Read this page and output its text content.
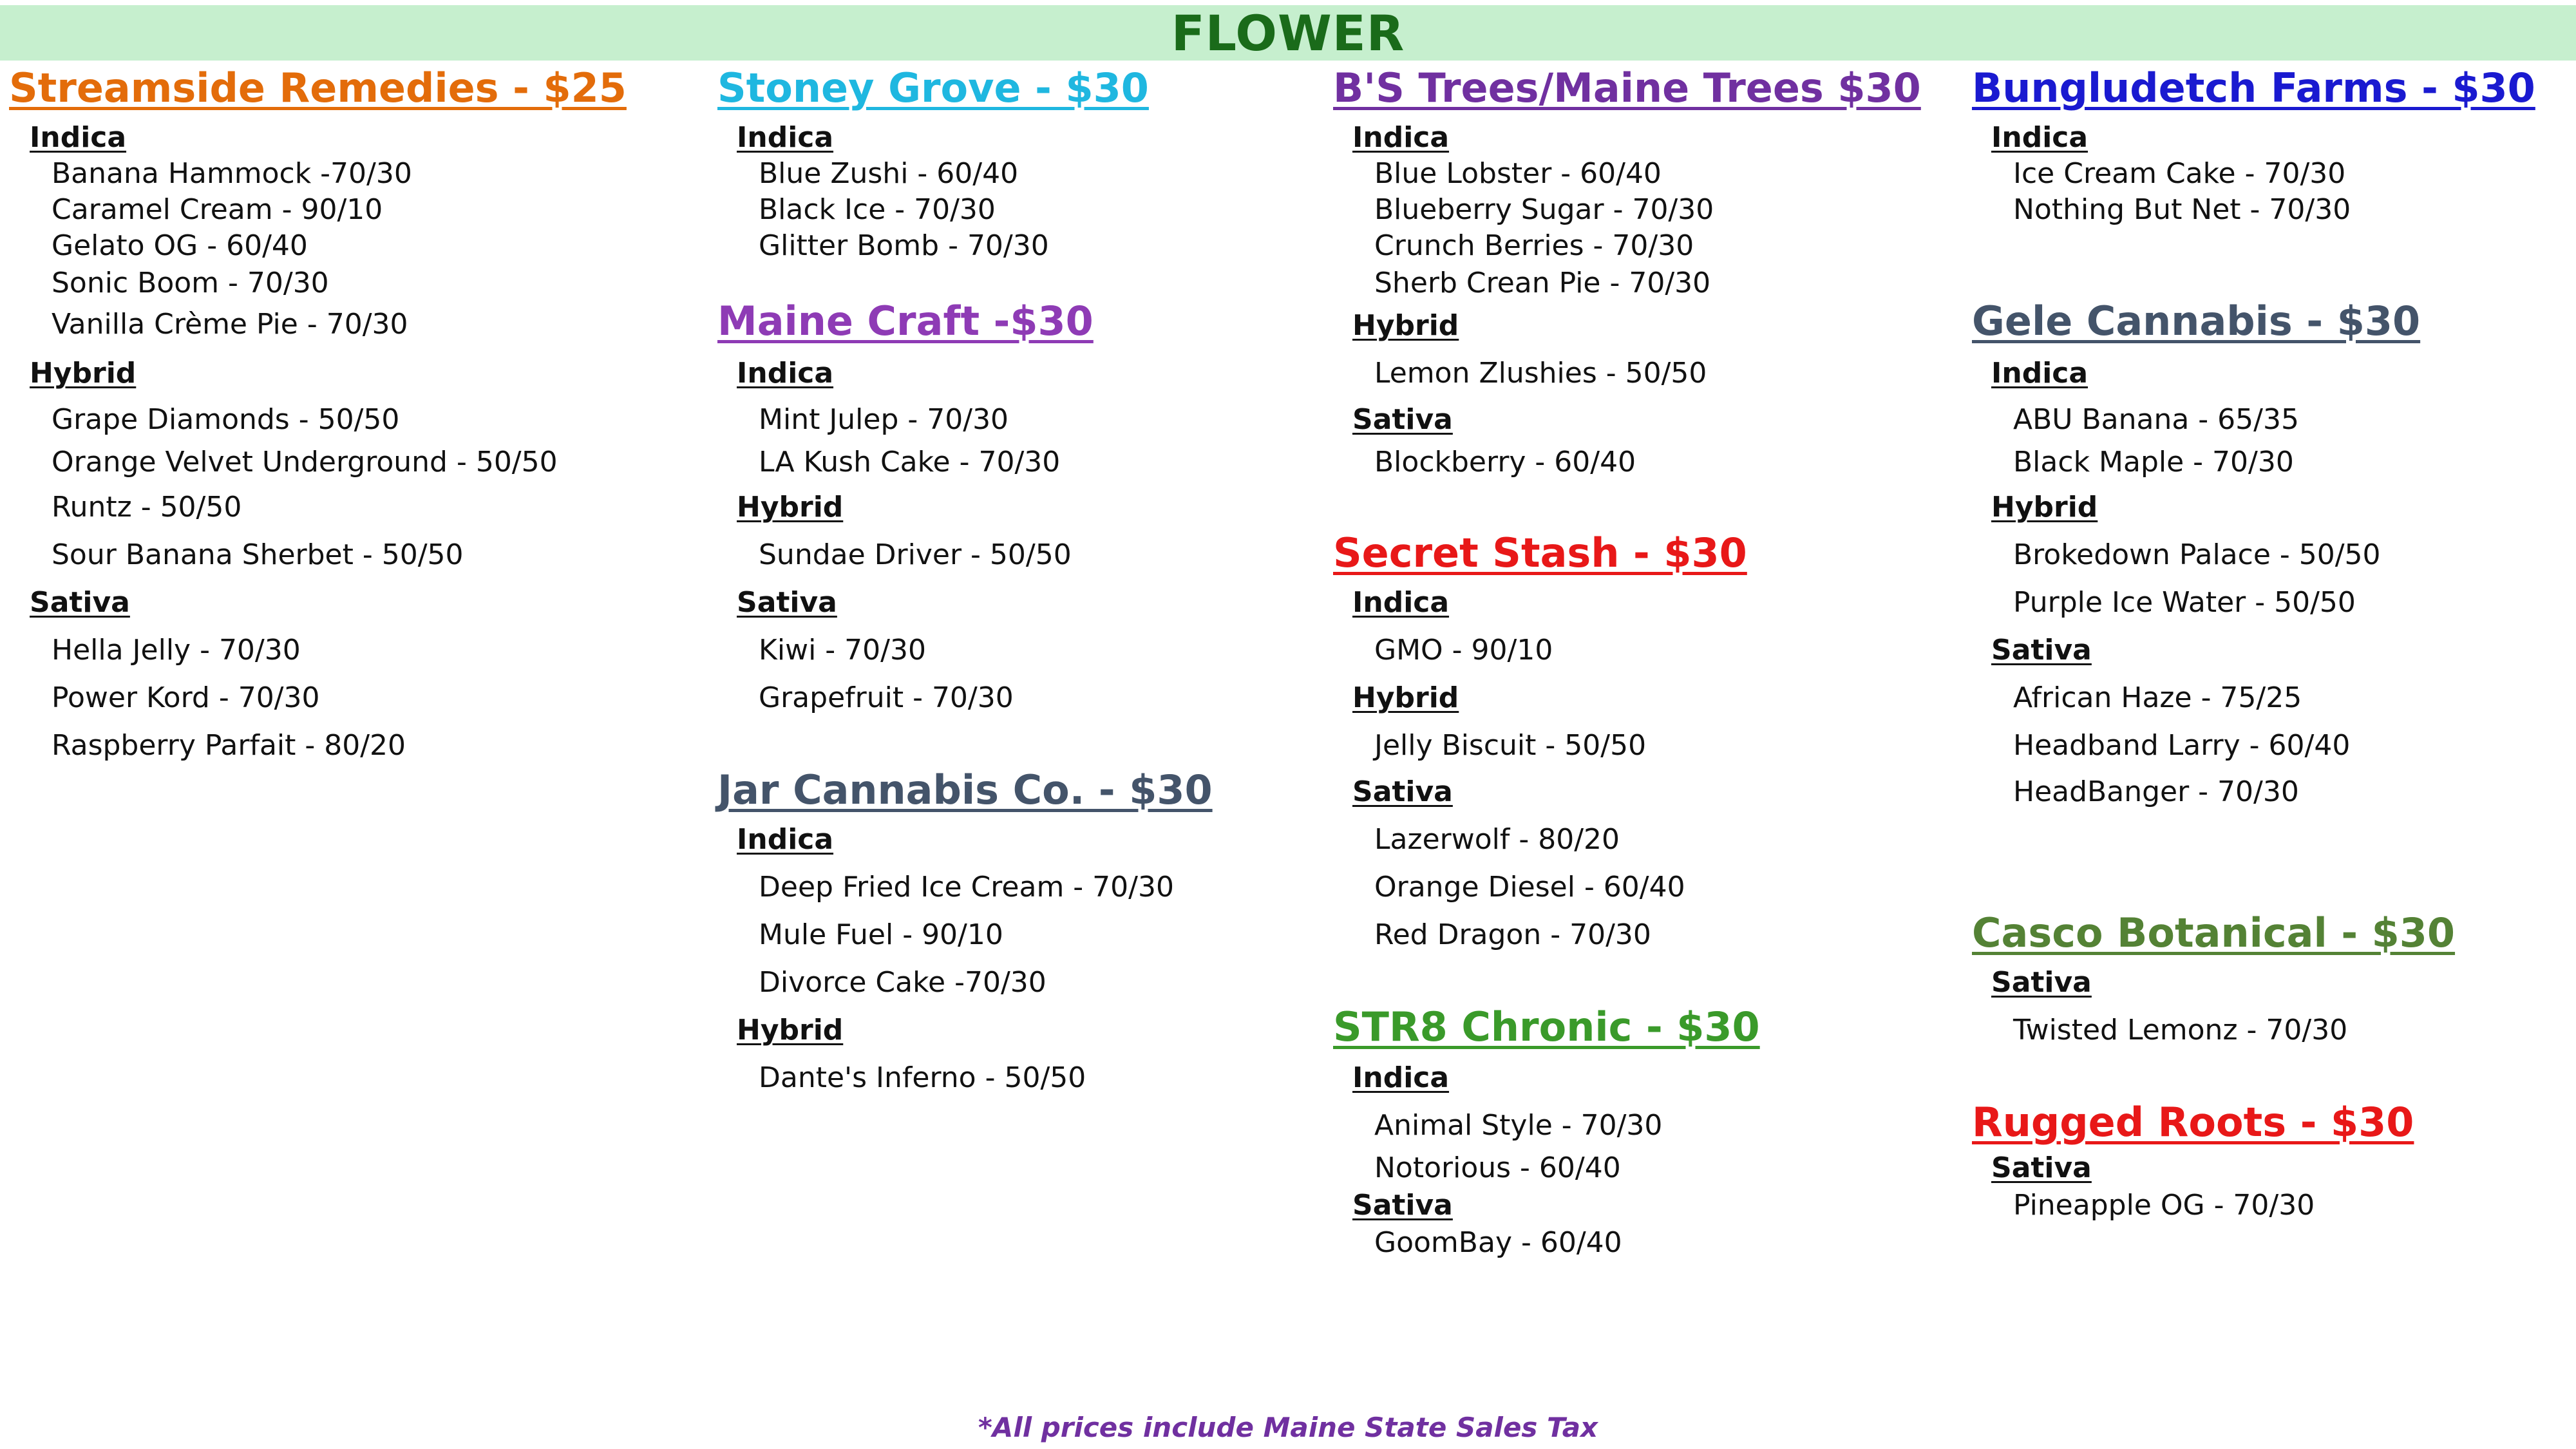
FLOWER
Streamside Remedies - $25
Indica
Banana Hammock -70/30
Caramel Cream - 90/10
Gelato OG - 60/40
Sonic Boom - 70/30
Vanilla Crème Pie - 70/30
Hybrid
Grape Diamonds - 50/50
Orange Velvet Underground - 50/50
Runtz - 50/50
Sour Banana Sherbet - 50/50
Sativa
Hella Jelly - 70/30
Power Kord - 70/30
Raspberry Parfait - 80/20
Stoney Grove - $30
Indica
Blue Zushi - 60/40
Black Ice - 70/30
Glitter Bomb - 70/30
Maine Craft -$30
Indica
Mint Julep - 70/30
LA Kush Cake - 70/30
Hybrid
Sundae Driver - 50/50
Sativa
Kiwi - 70/30
Grapefruit - 70/30
Jar Cannabis Co. - $30
Indica
Deep Fried Ice Cream - 70/30
Mule Fuel - 90/10
Divorce Cake -70/30
Hybrid
Dante's Inferno - 50/50
B'S Trees/Maine Trees $30
Indica
Blue Lobster - 60/40
Blueberry Sugar - 70/30
Crunch Berries - 70/30
Sherb Crean Pie - 70/30
Hybrid
Lemon Zlushies - 50/50
Sativa
Blockberry - 60/40
Secret Stash - $30
Indica
GMO - 90/10
Hybrid
Jelly Biscuit - 50/50
Sativa
Lazerwolf - 80/20
Orange Diesel - 60/40
Red Dragon - 70/30
STR8 Chronic - $30
Indica
Animal Style - 70/30
Notorious - 60/40
Sativa
GoomBay - 60/40
Bungludetch Farms - $30
Indica
Ice Cream Cake - 70/30
Nothing But Net - 70/30
Gele Cannabis - $30
Indica
ABU Banana - 65/35
Black Maple - 70/30
Hybrid
Brokedown Palace - 50/50
Purple Ice Water - 50/50
Sativa
African Haze - 75/25
Headband Larry - 60/40
HeadBanger - 70/30
Casco Botanical - $30
Sativa
Twisted Lemonz - 70/30
Rugged Roots - $30
Sativa
Pineapple OG - 70/30
*All prices include Maine State Sales Tax
